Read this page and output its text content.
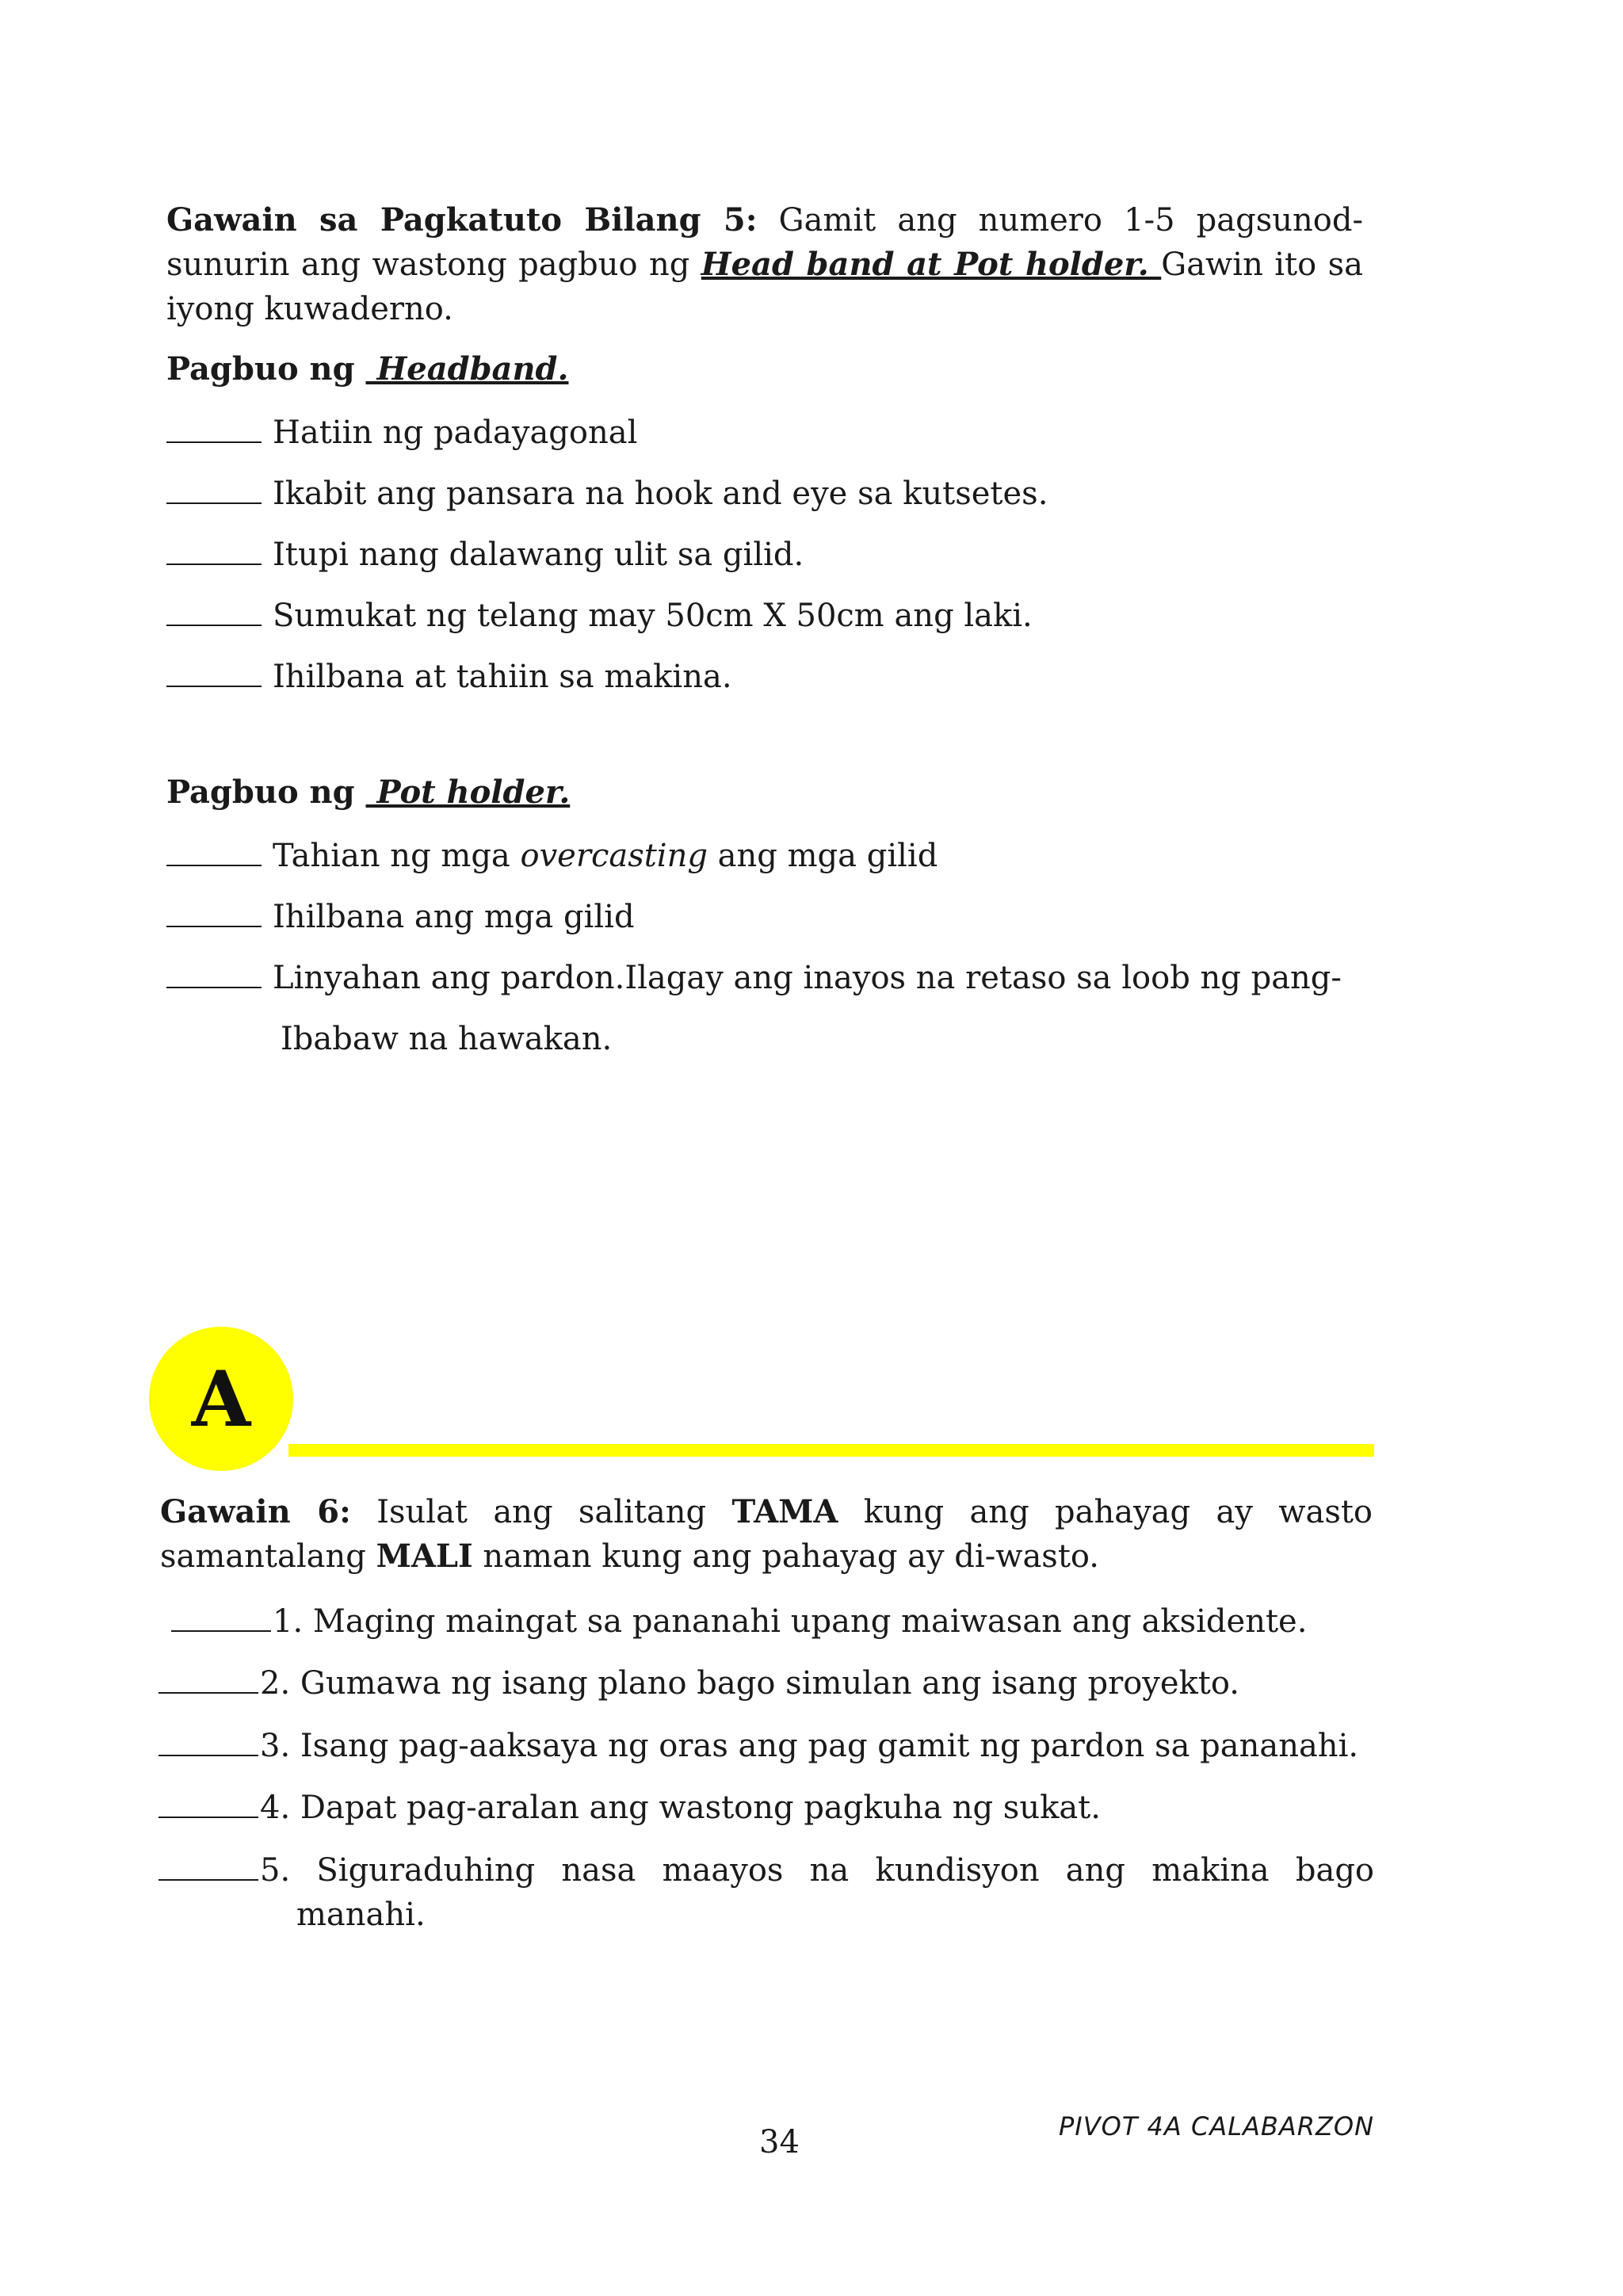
Gawain sa Pagkatuto Bilang 5: Gamit ang numero 1-5 pagsunod-sunurin ang wastong pagbuo ng Head band at Pot holder. Gawin ito sa iyong kuwaderno.
Pagbuo ng  Headband.
Hatiin ng padayagonal
Ikabit ang pansara na hook and eye sa kutsetes.
Itupi nang dalawang ulit sa gilid.
Sumukat ng telang may 50cm X 50cm ang laki.
Ihilbana at tahiin sa makina.
Pagbuo ng  Pot holder.
Tahian ng mga overcasting ang mga gilid
Ihilbana ang mga gilid
Linyahan ang pardon.Ilagay ang inayos na retaso sa loob ng pang-
Ibabaw na hawakan.
A
Gawain 6: Isulat ang salitang TAMA kung ang pahayag ay wasto samantalang MALI naman kung ang pahayag ay di-wasto.
1. Maging maingat sa pananahi upang maiwasan ang aksidente.
2. Gumawa ng isang plano bago simulan ang isang proyekto.
3. Isang pag-aaksaya ng oras ang pag gamit ng pardon sa pananahi.
4. Dapat pag-aralan ang wastong pagkuha ng sukat.
5. Siguraduhing nasa maayos na kundisyon ang makina bago
manahi.
34	PIVOT 4A CALABARZON
